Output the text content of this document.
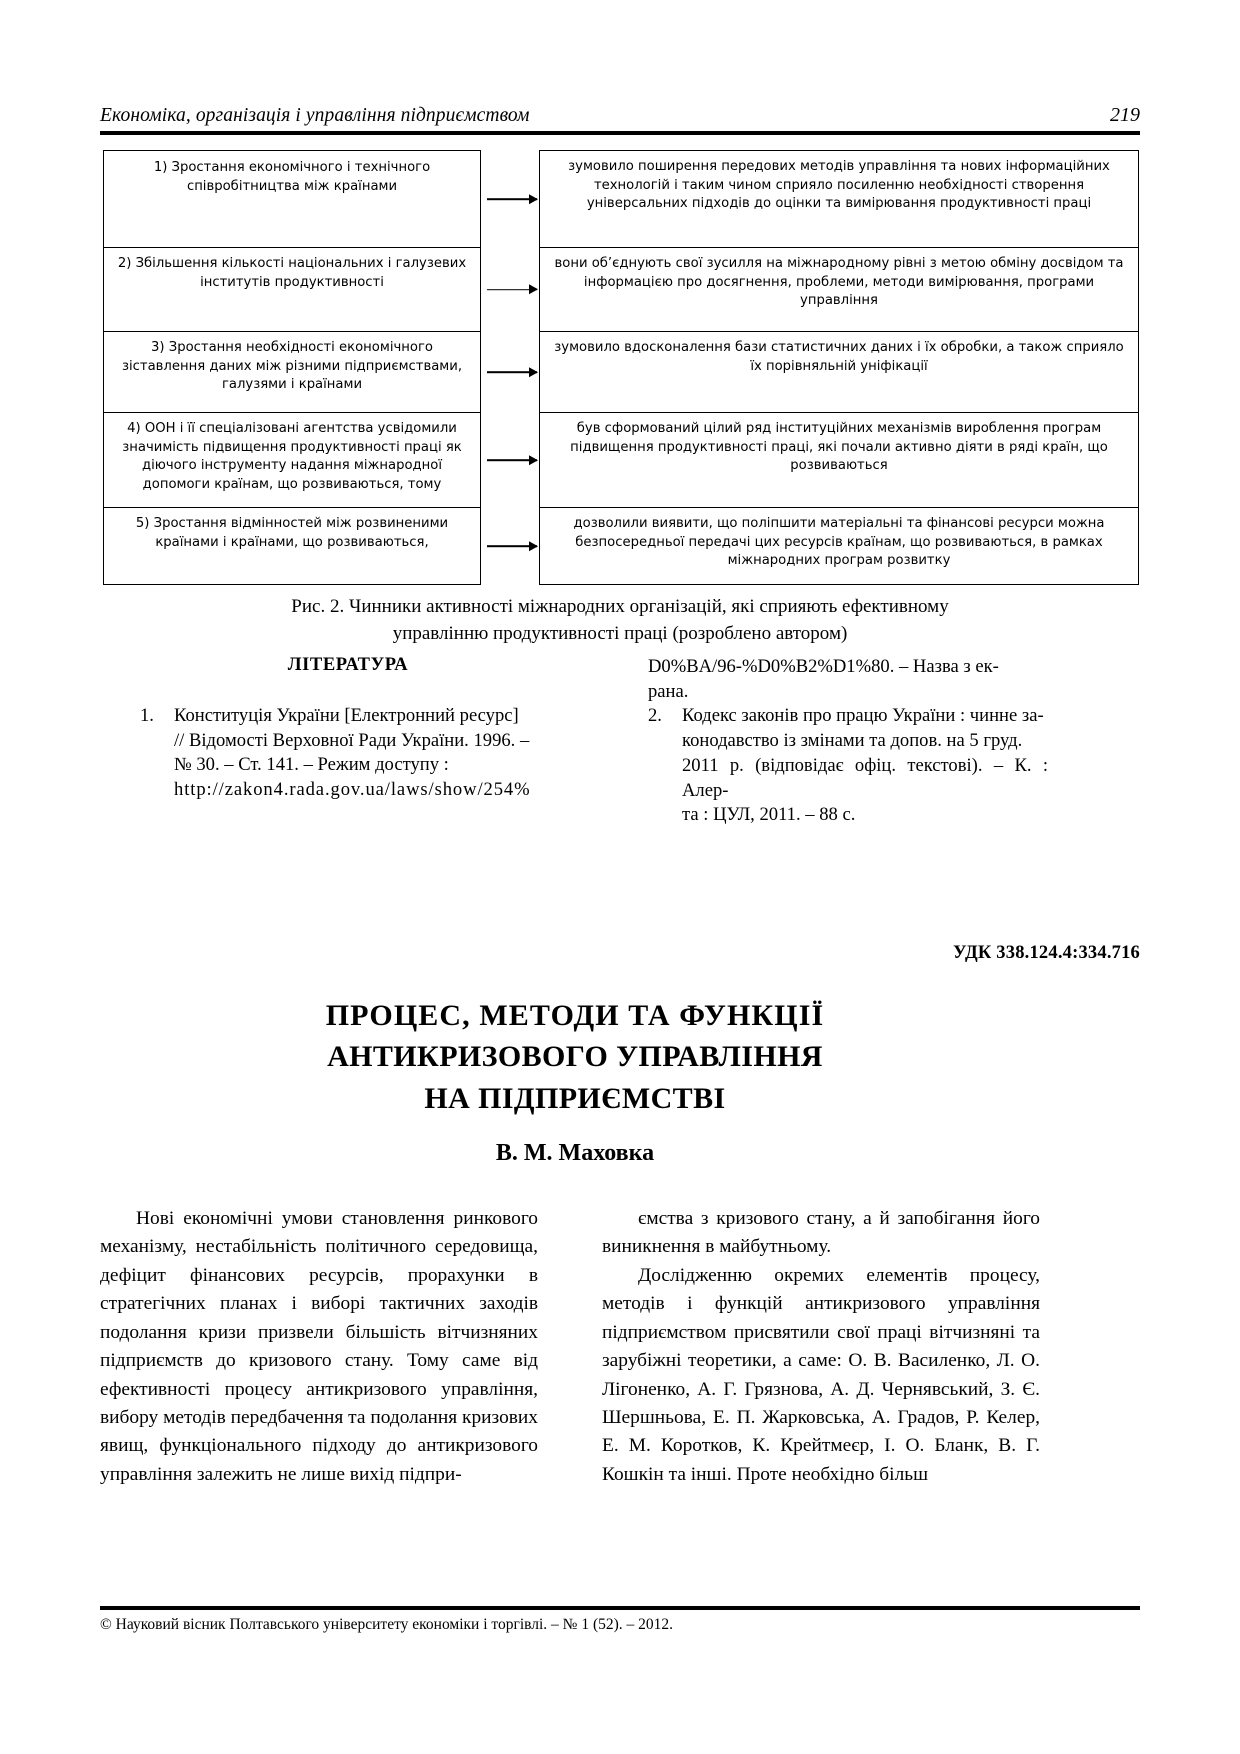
Економіка, організація і управління підприємством	219

1) Зростання економічного і технічного співробітництва між країнами

зумовило поширення передових методів управління та нових інформаційних технологій і таким чином сприяло посиленню необхідності створення універсальних підходів до оцінки та вимірювання продуктивності праці

2) Збільшення кількості національних і галузевих інститутів продуктивності

вони об’єднують свої зусилля на міжнародному рівні з метою обміну досвідом та інформацією про досягнення, проблеми, методи вимірювання, програми управління

3) Зростання необхідності економічного зіставлення даних між різними підприємствами, галузями і країнами

зумовило вдосконалення бази статистичних даних і їх обробки, а також сприяло їх порівняльній уніфікації

4) ООН і її спеціалізовані агентства усвідомили значимість підвищення продуктивності праці як діючого інструменту надання міжнародної допомоги країнам, що розвиваються, тому

був сформований цілий ряд інституційних механізмів вироблення програм підвищення продуктивності праці, які почали активно діяти в ряді країн, що розвиваються

5) Зростання відмінностей між розвиненими країнами і країнами, що розвиваються,

дозволили виявити, що поліпшити матеріальні та фінансові ресурси можна безпосередньої передачі цих ресурсів країнам, що розвиваються, в рамках міжнародних програм розвитку

Рис. 2. Чинники активності міжнародних організацій, які сприяють ефективному
управлінню продуктивності праці (розроблено автором)
ЛІТЕРАТУРА
1. Конституція України [Електронний ресурс]
// Відомості Верховної Ради України. 1996. –
№ 30. – Ст. 141. – Режим доступу :
http://zakon4.rada.gov.ua/laws/show/254%
D0%BA/96-%D0%B2%D1%80. – Назва з ек-
рана.
2. Кодекс законів про працю України : чинне за-
конодавство із змінами та допов. на 5 груд.
2011 р. (відповідає офіц. текстові). – К. : Алер-
та : ЦУЛ, 2011. – 88 с.
УДК 338.124.4:334.716
ПРОЦЕС, МЕТОДИ ТА ФУНКЦІЇ
АНТИКРИЗОВОГО УПРАВЛІННЯ
НА ПІДПРИЄМСТВІ
В. М. Маховка

Нові економічні умови становлення ринкового механізму, нестабільність політичного середовища, дефіцит фінансових ресурсів, прорахунки в стратегічних планах і виборі тактичних заходів подолання кризи призвели більшість вітчизняних підприємств до кризового стану. Тому саме від ефективності процесу антикризового управління, вибору методів передбачення та подолання кризових явищ, функціонального підходу до антикризового управління залежить не лише вихід підпри-

ємства з кризового стану, а й запобігання його виникнення в майбутньому.

Дослідженню окремих елементів процесу, методів і функцій антикризового управління підприємством присвятили свої праці вітчизняні та зарубіжні теоретики, а саме: О. В. Василенко, Л. О. Лігоненко, А. Г. Грязнова, А. Д. Чернявський, З. Є. Шершньова, Е. П. Жарковська, А. Градов, Р. Келер, Е. М. Коротков, К. Крейтмеєр, І. О. Бланк, В. Г. Кошкін та інші. Проте необхідно більш

© Науковий вісник Полтавського університету економіки і торгівлі. – № 1 (52). – 2012.
